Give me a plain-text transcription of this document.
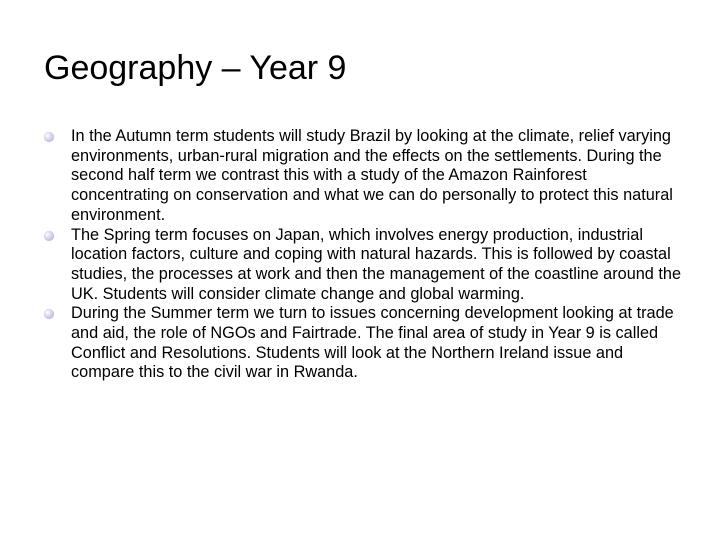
Geography – Year 9
In the Autumn term students will study Brazil by looking at the climate, relief varying environments, urban-rural migration and the effects on the settlements. During the second half term we contrast this with a study of the Amazon Rainforest concentrating on conservation and what we can do personally to protect this natural environment.
The Spring term focuses on Japan, which involves energy production, industrial location factors, culture and coping with natural hazards. This is followed by coastal studies, the processes at work and then the management of the coastline around the UK. Students will consider climate change and global warming.
During the Summer term we turn to issues concerning development looking at trade and aid, the role of NGOs and Fairtrade. The final area of study in Year 9 is called Conflict and Resolutions. Students will look at the Northern Ireland issue and compare this to the civil war in Rwanda.
